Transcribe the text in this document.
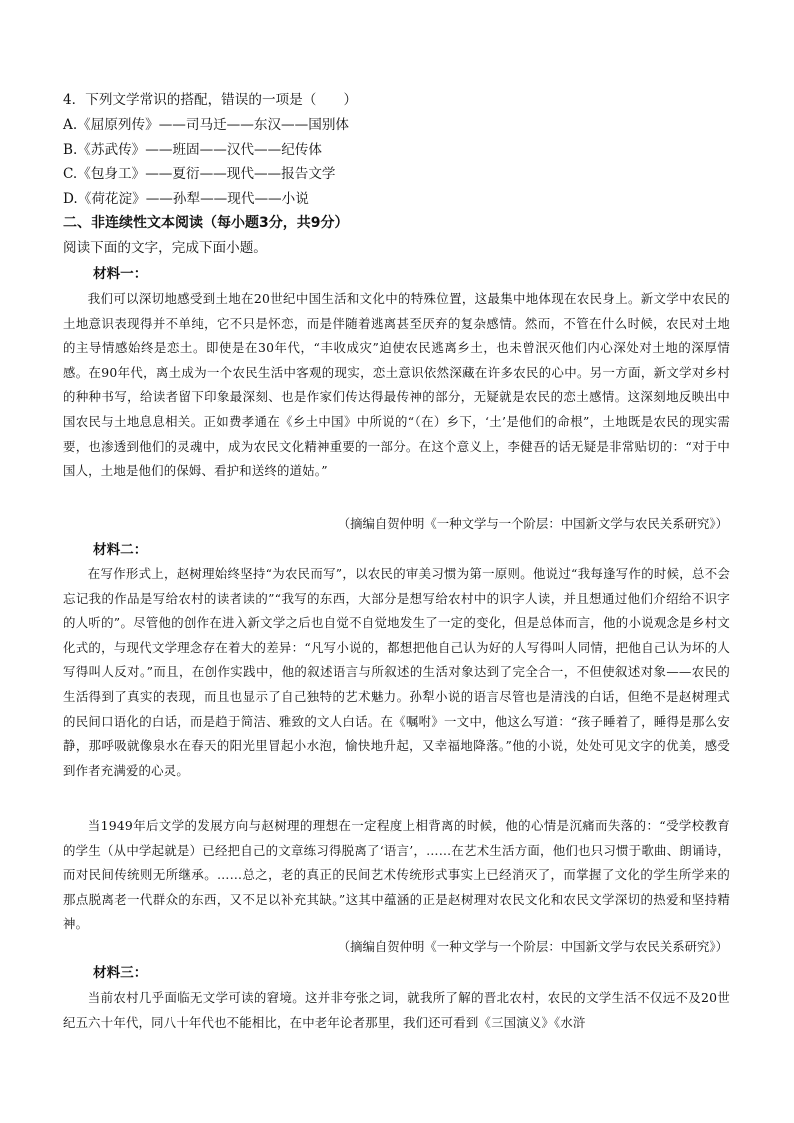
4．下列文学常识的搭配，错误的一项是（　　）
A.《屈原列传》——司马迁——东汉——国别体
B.《苏武传》——班固——汉代——纪传体
C.《包身工》——夏衍——现代——报告文学
D.《荷花淀》——孙犁——现代——小说
二、非连续性文本阅读（每小题3分，共9分）
阅读下面的文字，完成下面小题。
材料一：
我们可以深切地感受到土地在20世纪中国生活和文化中的特殊位置，这最集中地体现在农民身上。新文学中农民的土地意识表现得并不单纯，它不只是怀恋，而是伴随着逃离甚至厌弃的复杂感情。然而，不管在什么时候，农民对土地的主导情感始终是恋土。即使是在30年代，“丰收成灾”迫使农民逃离乡土，也未曾泯灭他们内心深处对土地的深厚情感。在90年代，离土成为一个农民生活中客观的现实，恋土意识依然深藏在许多农民的心中。另一方面，新文学对乡村的种种书写，给读者留下印象最深刻、也是作家们传达得最传神的部分，无疑就是农民的恋土感情。这深刻地反映出中国农民与土地息息相关。正如费孝通在《乡土中国》中所说的“（在）乡下，‘土’是他们的命根”，土地既是农民的现实需要，也渗透到他们的灵魂中，成为农民文化精神重要的一部分。在这个意义上，李健吾的话无疑是非常贴切的：“对于中国人，土地是他们的保姆、看护和送终的道姑。”
（摘编自贺仲明《一种文学与一个阶层：中国新文学与农民关系研究》）
材料二：
在写作形式上，赵树理始终坚持“为农民而写”，以农民的审美习惯为第一原则。他说过“我每逢写作的时候，总不会忘记我的作品是写给农村的读者读的”“我写的东西，大部分是想写给农村中的识字人读，并且想通过他们介绍给不识字的人听的”。尽管他的创作在进入新文学之后也自觉不自觉地发生了一定的变化，但是总体而言，他的小说观念是乡村文化式的，与现代文学理念存在着大的差异：“凡写小说的，都想把他自己认为好的人写得叫人同情，把他自己认为坏的人写得叫人反对。”而且，在创作实践中，他的叙述语言与所叙述的生活对象达到了完全合一，不但使叙述对象——农民的生活得到了真实的表现，而且也显示了自己独特的艺术魅力。孙犁小说的语言尽管也是清浅的白话，但绝不是赵树理式的民间口语化的白话，而是趋于简洁、雅致的文人白话。在《嘱咐》一文中，他这么写道：“孩子睡着了，睡得是那么安静，那呼吸就像泉水在春天的阳光里冒起小水泡，愉快地升起，又幸福地降落。”他的小说，处处可见文字的优美，感受到作者充满爱的心灵。
当1949年后文学的发展方向与赵树理的理想在一定程度上相背离的时候，他的心情是沉痛而失落的：“受学校教育的学生（从中学起就是）已经把自己的文章练习得脱离了‘语言’，……在艺术生活方面，他们也只习惯于歌曲、朗诵诗，而对民间传统则无所继承。……总之，老的真正的民间艺术传统形式事实上已经消灭了，而掌握了文化的学生所学来的那点脱离老一代群众的东西，又不足以补充其缺。”这其中蕴涵的正是赵树理对农民文化和农民文学深切的热爱和坚持精神。
（摘编自贺仲明《一种文学与一个阶层：中国新文学与农民关系研究》）
材料三：
当前农村几乎面临无文学可读的窘境。这并非夸张之词，就我所了解的晋北农村，农民的文学生活不仅远不及20世纪五六十年代，同八十年代也不能相比，在中老年论者那里，我们还可看到《三国演义》《水浒
